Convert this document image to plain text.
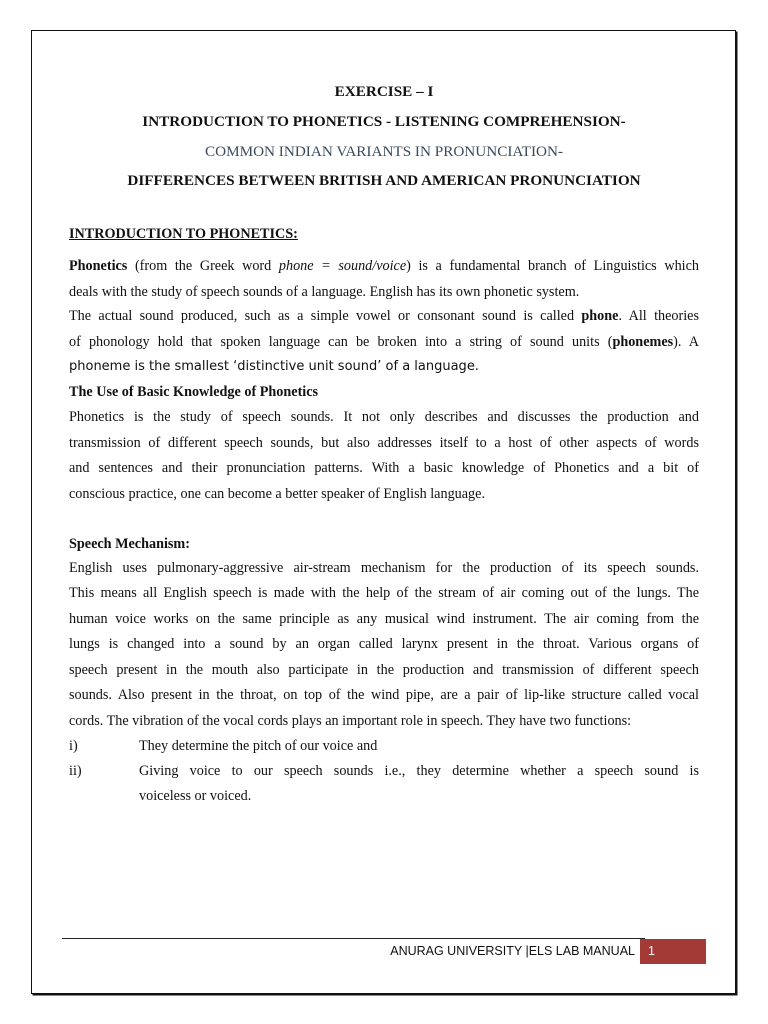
EXERCISE – I
INTRODUCTION TO PHONETICS - LISTENING COMPREHENSION-
COMMON INDIAN VARIANTS IN PRONUNCIATION-
DIFFERENCES BETWEEN BRITISH AND AMERICAN PRONUNCIATION
INTRODUCTION TO PHONETICS:
Phonetics (from the Greek word phone = sound/voice) is a fundamental branch of Linguistics which
deals with the study of speech sounds of a language. English has its own phonetic system.
The actual sound produced, such as a simple vowel or consonant sound is called phone. All theories
of phonology hold that spoken language can be broken into a string of sound units (phonemes). A
phoneme is the smallest ‘distinctive unit sound’ of a language.
The Use of Basic Knowledge of Phonetics
Phonetics is the study of speech sounds. It not only describes and discusses the production and
transmission of different speech sounds, but also addresses itself to a host of other aspects of words
and sentences and their pronunciation patterns. With a basic knowledge of Phonetics and a bit of
conscious practice, one can become a better speaker of English language.
Speech Mechanism:
English uses pulmonary-aggressive air-stream mechanism for the production of its speech sounds.
This means all English speech is made with the help of the stream of air coming out of the lungs. The
human voice works on the same principle as any musical wind instrument. The air coming from the
lungs is changed into a sound by an organ called larynx present in the throat. Various organs of
speech present in the mouth also participate in the production and transmission of different speech
sounds. Also present in the throat, on top of the wind pipe, are a pair of lip-like structure called vocal
cords. The vibration of the vocal cords plays an important role in speech. They have two functions:
i)	They determine the pitch of our voice and
ii)	Giving voice to our speech sounds i.e., they determine whether a speech sound is
voiceless or voiced.
ANURAG UNIVERSITY |ELS LAB MANUAL	1
